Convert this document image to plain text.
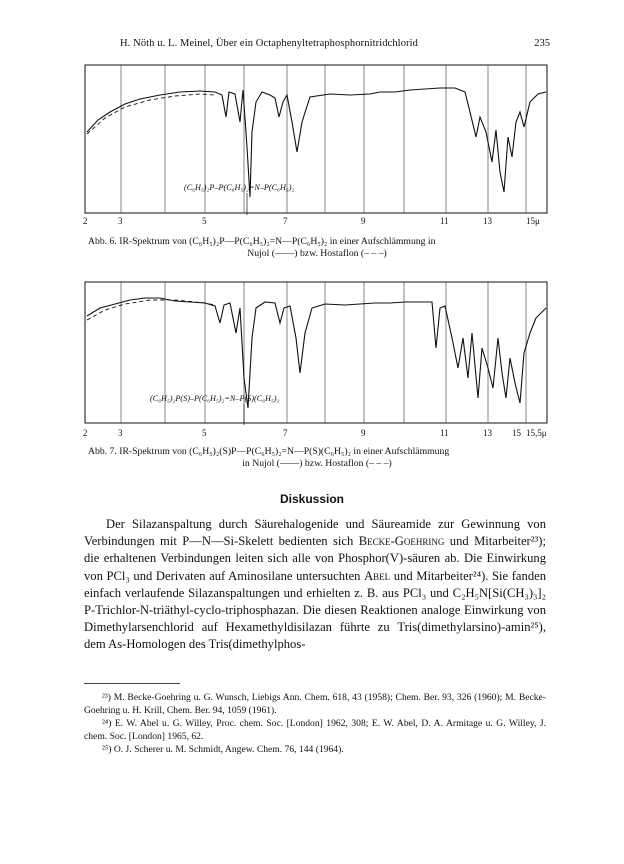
H. Nöth u. L. Meinel, Über ein Octaphenyltetraphosphornitridchlorid	235
(C₆H₅)₂P–P(C₆H₅)₂=N–P(C₆H₅)₂
2	3	5	7	9	11	13	15μ
Abb. 6. IR-Spektrum von (C₆H₅)₂P—P(C₆H₅)₂=N—P(C₆H₅)₂ in einer Aufschlämmung in
Nujol (——) bzw. Hostaflon (– – –)
(C₆H₅)₂P(S)–P(C₆H₅)₂=N–P(S)(C₆H₅)₂
2	3	5	7	9	11	13 15 15,5μ
Abb. 7. IR-Spektrum von (C₆H₅)₂(S)P—P(C₆H₅)₂=N—P(S)(C₆H₅)₂ in einer Aufschlämmung
in Nujol (——) bzw. Hostaflon (– – –)
Diskussion

Der Silazanspaltung durch Säurehalogenide und Säureamide zur Gewinnung von Verbindungen mit P—N—Si-Skelett bedienten sich Becke-Goehring und Mitarbeiter²³); die erhaltenen Verbindungen leiten sich alle von Phosphor(V)-säuren ab. Die Einwirkung von PCl₃ und Derivaten auf Aminosilane untersuchten Abel und Mitarbeiter²⁴). Sie fanden einfach verlaufende Silazanspaltungen und erhielten z. B. aus PCl₃ und C₂H₅N[Si(CH₃)₃]₂ P-Trichlor-N-triäthyl-cyclo-triphosphazan. Die diesen Reaktionen analoge Einwirkung von Dimethylarsenchlorid auf Hexamethyldisilazan führte zu Tris(dimethylarsino)-amin²⁵), dem As-Homologen des Tris(dimethylphos-

²³) M. Becke-Goehring u. G. Wunsch, Liebigs Ann. Chem. 618, 43 (1958); Chem. Ber. 93, 326 (1960); M. Becke-Goehring u. H. Krill, Chem. Ber. 94, 1059 (1961).

²⁴) E. W. Abel u. G. Willey, Proc. chem. Soc. [London] 1962, 308; E. W. Abel, D. A. Armitage u. G. Willey, J. chem. Soc. [London] 1965, 62.

²⁵) O. J. Scherer u. M. Schmidt, Angew. Chem. 76, 144 (1964).
